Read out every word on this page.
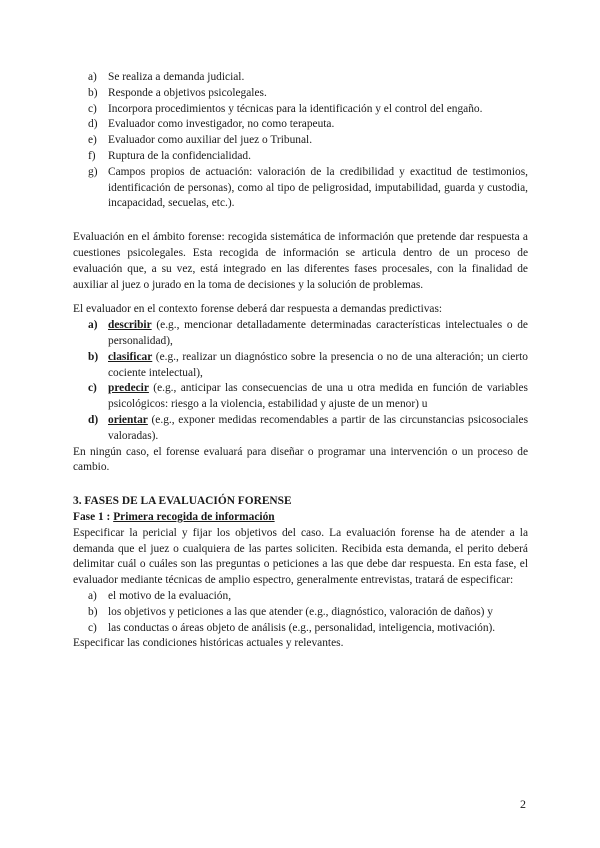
a) Se realiza a demanda judicial.
b) Responde a objetivos psicolegales.
c) Incorpora procedimientos y técnicas para la identificación y el control del engaño.
d) Evaluador como investigador, no como terapeuta.
e) Evaluador como auxiliar del juez o Tribunal.
f)	Ruptura de la confidencialidad.
g) Campos propios de actuación: valoración de la credibilidad y exactitud de testimonios, identificación de personas), como al tipo de peligrosidad, imputabilidad, guarda y custodia, incapacidad, secuelas, etc.).

Evaluación en el ámbito forense: recogida sistemática de información que pretende dar respuesta a cuestiones psicolegales. Esta recogida de información se articula dentro de un proceso de evaluación que, a su vez, está integrado en las diferentes fases procesales, con la finalidad de auxiliar al juez o jurado en la toma de decisiones y la solución de problemas.

El evaluador en el contexto forense deberá dar respuesta a demandas predictivas:

a) describir (e.g., mencionar detalladamente determinadas características intelectuales o de personalidad),
b) clasificar (e.g., realizar un diagnóstico sobre la presencia o no de una alteración; un cierto cociente intelectual),
c) predecir (e.g., anticipar las consecuencias de una u otra medida en función de variables psicológicos: riesgo a la violencia, estabilidad y ajuste de un menor) u
d) orientar (e.g., exponer medidas recomendables a partir de las circunstancias psicosociales valoradas).

En ningún caso, el forense evaluará para diseñar o programar una intervención o un proceso de cambio.

3. FASES DE LA EVALUACIÓN FORENSE

Fase 1 : Primera recogida de información

Especificar la pericial y fijar los objetivos del caso. La evaluación forense ha de atender a la demanda que el juez o cualquiera de las partes soliciten. Recibida esta demanda, el perito deberá delimitar cuál o cuáles son las preguntas o peticiones a las que debe dar respuesta. En esta fase, el evaluador mediante técnicas de amplio espectro, generalmente entrevistas, tratará de especificar:

a) el motivo de la evaluación,
b) los objetivos y peticiones a las que atender (e.g., diagnóstico, valoración de daños) y
c) las conductas o áreas objeto de análisis (e.g., personalidad, inteligencia, motivación).

Especificar las condiciones históricas actuales y relevantes.

2
